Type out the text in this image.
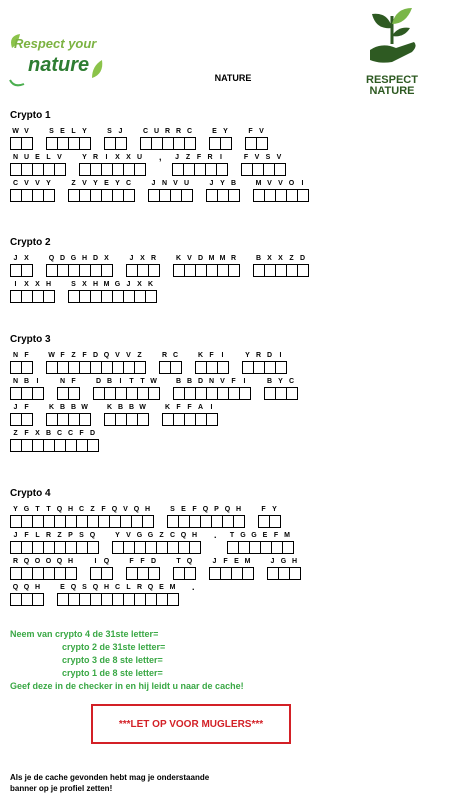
Respect your
nature
RESPECT
NATURE
NATURE
Crypto 1
W V	S E L Y	S J	C U R R C	E Y	F V
N U E L V	Y R	I	X X U	,	J Z F R	I	F V S V
C V V Y	Z V Y E Y C	J N V U	J Y B	M V V O	I
Crypto 2
J X	Q D G H D X	J X R	K V D M M R	B X X Z D
I	X X H	S X H M G J X K
Crypto 3
N F	W F Z F D Q V V Z	R C	K F	I	Y R D	I
N B	I	N F	D B	I	T T W	B B D N V F	I	B Y C
J F	K B B W	K B B W	K F F A	I
Z F X B C C F D
Crypto 4
Y G T T Q H C Z F Q V Q H	S E F Q P Q H	F Y
J F L R Z P S Q	Y V G G Z C Q H	.	T G G E F M
R Q O O Q H	I	Q	F F D	T Q	J F E M	J G H
Q Q H	E Q S Q H C L R Q E M .
Neem van crypto 4 de 31ste letter=
crypto 2 de 31ste letter=
crypto 3 de 8 ste letter=
crypto 1 de 8 ste letter=
Geef deze in de checker in en hij leidt u naar de cache!
***LET OP VOOR MUGLERS***
Als je de cache gevonden hebt mag je onderstaande
banner op je profiel zetten!
